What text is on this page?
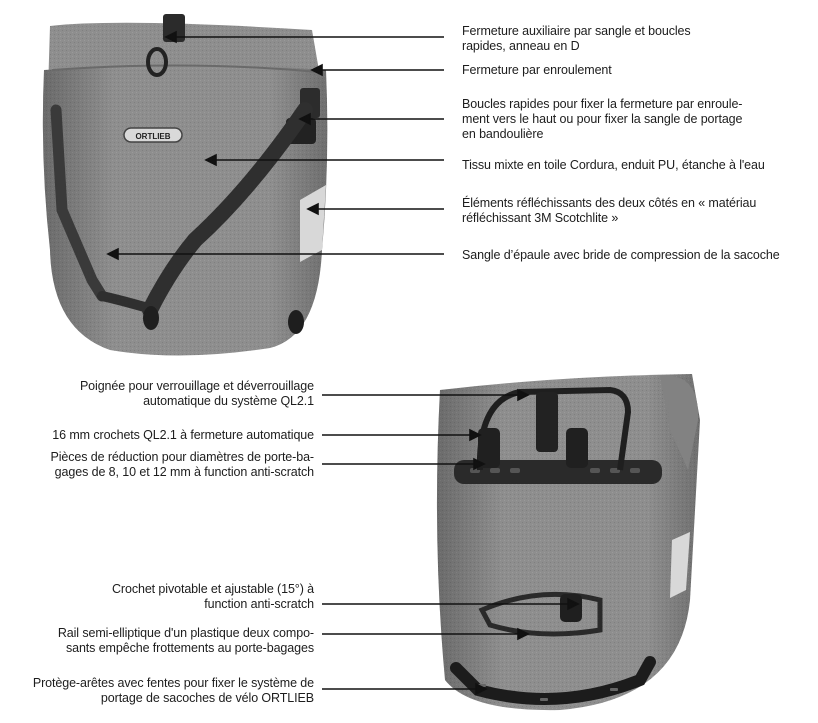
ORTLIEB
Fermeture auxiliaire par sangle et boucles
rapides, anneau en D
Fermeture par enroulement
Boucles rapides pour fixer la fermeture par enroule-
ment vers le haut ou pour fixer la sangle de portage
en bandoulière
Tissu mixte en toile Cordura, enduit PU, étanche à l'eau
Éléments réfléchissants des deux côtés en « matériau
réfléchissant 3M Scotchlite »
Sangle d’épaule avec bride de compression de la sacoche
Poignée pour verrouillage et déverrouillage
automatique du système QL2.1
16 mm crochets QL2.1 à fermeture automatique
Pièces de réduction pour diamètres de porte-ba-
gages de 8, 10 et 12 mm à function anti-scratch
Crochet pivotable et ajustable (15°) à
function anti-scratch
Rail semi-elliptique d'un plastique deux compo-
sants empêche frottements au porte-bagages
Protège-arêtes avec fentes pour fixer le système de
portage de sacoches de vélo ORTLIEB
